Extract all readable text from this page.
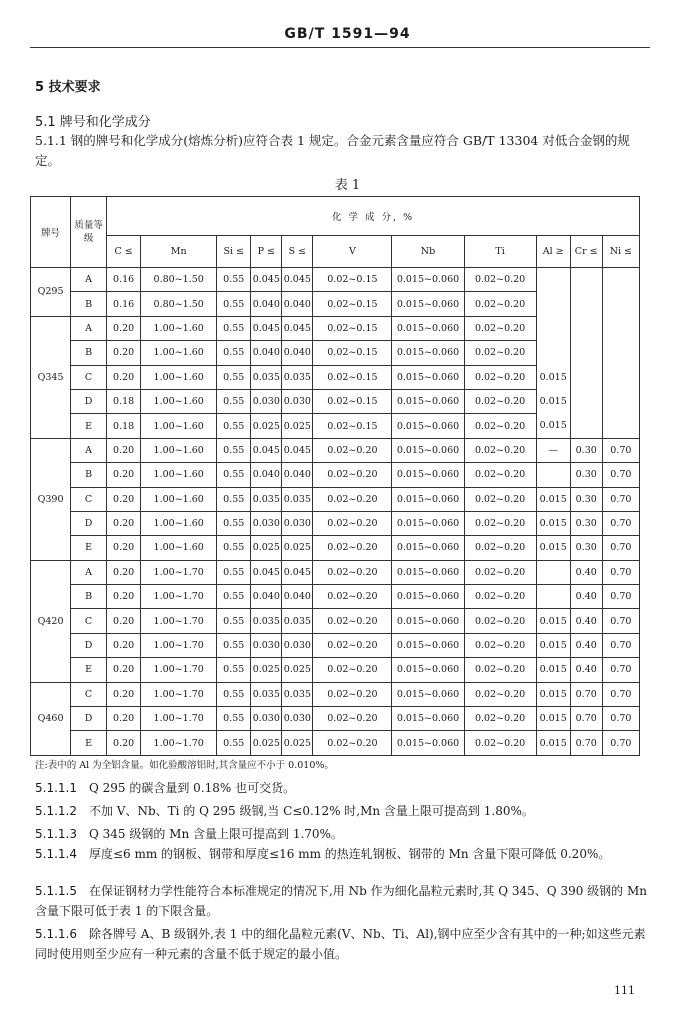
GB/T 1591—94
5 技术要求
5.1 牌号和化学成分
5.1.1 钢的牌号和化学成分(熔炼分析)应符合表 1 规定。合金元素含量应符合 GB/T 13304 对低合金钢的规定。
表 1
牌号	质量等级	化 学 成 分, %										
		C ≤	Mn	Si ≤	P ≤	S ≤	V	Nb	Ti	Al ≥	Cr ≤	Ni ≤
Q295	A	0.16	0.80~1.50	0.55	0.045	0.045	0.02~0.15	0.015~0.060	0.02~0.20			
	B	0.16	0.80~1.50	0.55	0.040	0.040	0.02~0.15	0.015~0.060	0.02~0.20			
Q345	A	0.20	1.00~1.60	0.55	0.045	0.045	0.02~0.15	0.015~0.060	0.02~0.20			
	B	0.20	1.00~1.60	0.55	0.040	0.040	0.02~0.15	0.015~0.060	0.02~0.20			
	C	0.20	1.00~1.60	0.55	0.035	0.035	0.02~0.15	0.015~0.060	0.02~0.20	0.015		
	D	0.18	1.00~1.60	0.55	0.030	0.030	0.02~0.15	0.015~0.060	0.02~0.20	0.015		
	E	0.18	1.00~1.60	0.55	0.025	0.025	0.02~0.15	0.015~0.060	0.02~0.20	0.015		
Q390	A	0.20	1.00~1.60	0.55	0.045	0.045	0.02~0.20	0.015~0.060	0.02~0.20	—	0.30	0.70
	B	0.20	1.00~1.60	0.55	0.040	0.040	0.02~0.20	0.015~0.060	0.02~0.20		0.30	0.70
	C	0.20	1.00~1.60	0.55	0.035	0.035	0.02~0.20	0.015~0.060	0.02~0.20	0.015	0.30	0.70
	D	0.20	1.00~1.60	0.55	0.030	0.030	0.02~0.20	0.015~0.060	0.02~0.20	0.015	0.30	0.70
	E	0.20	1.00~1.60	0.55	0.025	0.025	0.02~0.20	0.015~0.060	0.02~0.20	0.015	0.30	0.70
Q420	A	0.20	1.00~1.70	0.55	0.045	0.045	0.02~0.20	0.015~0.060	0.02~0.20		0.40	0.70
	B	0.20	1.00~1.70	0.55	0.040	0.040	0.02~0.20	0.015~0.060	0.02~0.20		0.40	0.70
	C	0.20	1.00~1.70	0.55	0.035	0.035	0.02~0.20	0.015~0.060	0.02~0.20	0.015	0.40	0.70
	D	0.20	1.00~1.70	0.55	0.030	0.030	0.02~0.20	0.015~0.060	0.02~0.20	0.015	0.40	0.70
	E	0.20	1.00~1.70	0.55	0.025	0.025	0.02~0.20	0.015~0.060	0.02~0.20	0.015	0.40	0.70
Q460	C	0.20	1.00~1.70	0.55	0.035	0.035	0.02~0.20	0.015~0.060	0.02~0.20	0.015	0.70	0.70
	D	0.20	1.00~1.70	0.55	0.030	0.030	0.02~0.20	0.015~0.060	0.02~0.20	0.015	0.70	0.70
	E	0.20	1.00~1.70	0.55	0.025	0.025	0.02~0.20	0.015~0.060	0.02~0.20	0.015	0.70	0.70
注:表中的 Al 为全铝含量。如化验酸溶铝时,其含量应不小于 0.010%。
5.1.1.1 Q 295 的碳含量到 0.18% 也可交货。
5.1.1.2 不加 V、Nb、Ti 的 Q 295 级钢,当 C≤0.12% 时,Mn 含量上限可提高到 1.80%。
5.1.1.3 Q 345 级钢的 Mn 含量上限可提高到 1.70%。
5.1.1.4 厚度≤6 mm 的钢板、钢带和厚度≤16 mm 的热连轧钢板、钢带的 Mn 含量下限可降低 0.20%。
5.1.1.5 在保证钢材力学性能符合本标准规定的情况下,用 Nb 作为细化晶粒元素时,其 Q 345、Q 390 级钢的 Mn 含量下限可低于表 1 的下限含量。
5.1.1.6 除各牌号 A、B 级钢外,表 1 中的细化晶粒元素(V、Nb、Ti、Al),钢中应至少含有其中的一种;如这些元素同时使用则至少应有一种元素的含量不低于规定的最小值。
111
